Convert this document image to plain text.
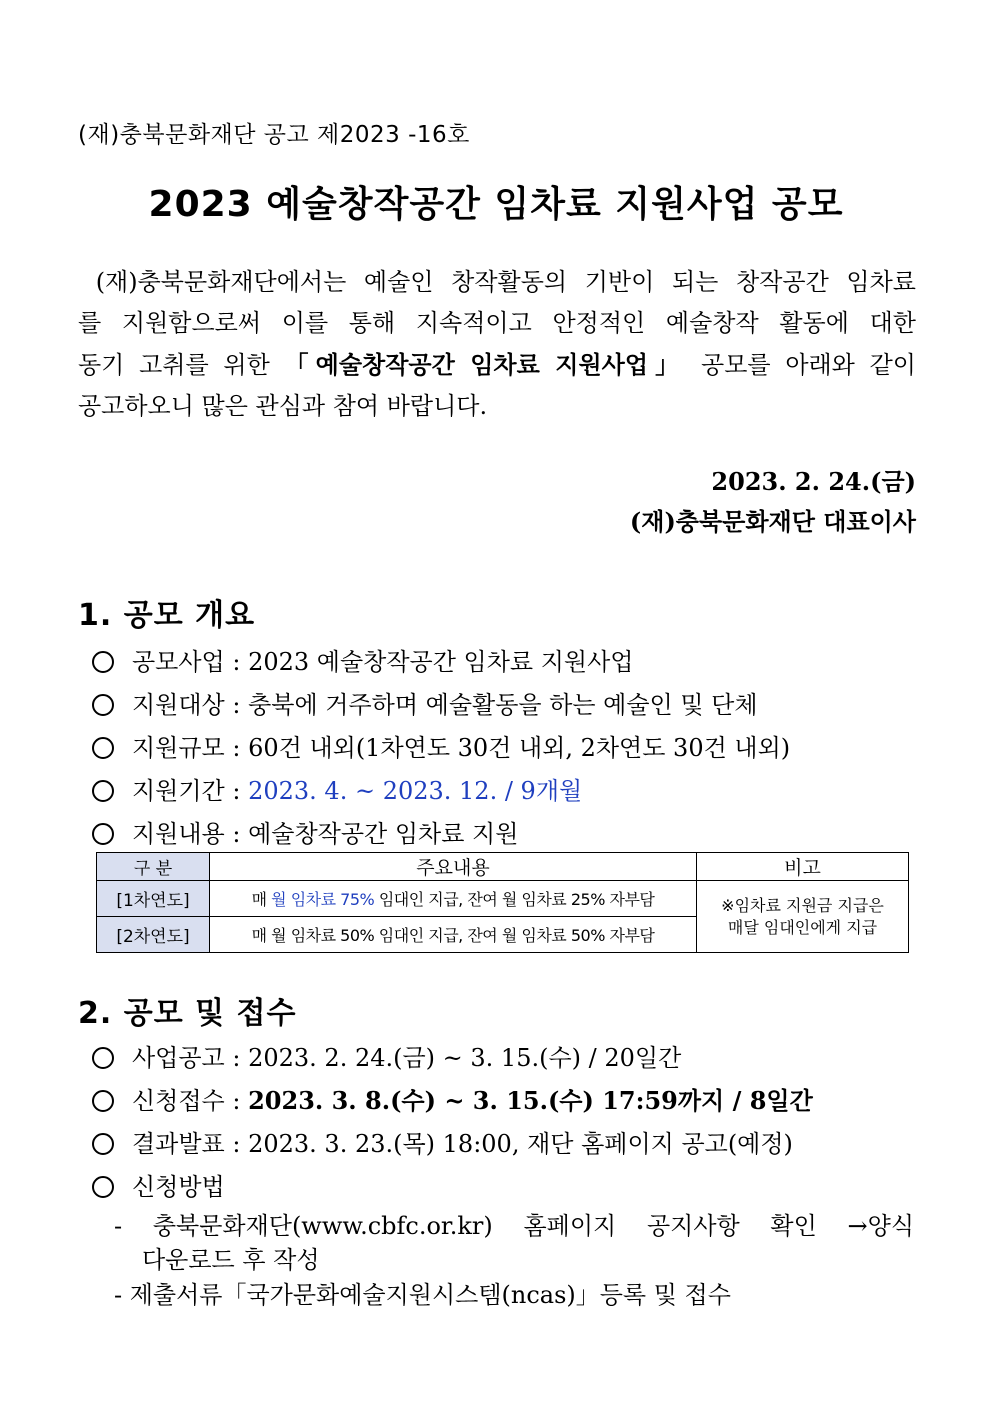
(재)충북문화재단 공고 제2023 -16호
2023 예술창작공간 임차료 지원사업 공모
(재)충북문화재단에서는 예술인 창작활동의 기반이 되는 창작공간 임차료
를 지원함으로써 이를 통해 지속적이고 안정적인 예술창작 활동에 대한
동기 고취를 위한 「예술창작공간 임차료 지원사업」 공모를 아래와 같이
공고하오니 많은 관심과 참여 바랍니다.
2023. 2. 24.(금)
(재)충북문화재단 대표이사
1. 공모 개요
공모사업 : 2023 예술창작공간 임차료 지원사업
지원대상 : 충북에 거주하며 예술활동을 하는 예술인 및 단체
지원규모 : 60건 내외(1차연도 30건 내외, 2차연도 30건 내외)
지원기간 : 2023. 4. ~ 2023. 12. / 9개월
지원내용 : 예술창작공간 임차료 지원
구 분	주요내용	비고
[1차연도]	매 월 임차료 75% 임대인 지급, 잔여 월 임차료 25% 자부담	※임차료 지원금 지급은
매달 임대인에게 지급

[2차연도]	매 월 임차료 50% 임대인 지급, 잔여 월 임차료 50% 자부담	
2. 공모 및 접수
사업공고 : 2023. 2. 24.(금) ~ 3. 15.(수) / 20일간
신청접수 : 2023. 3. 8.(수) ~ 3. 15.(수) 17:59까지 / 8일간
결과발표 : 2023. 3. 23.(목) 18:00, 재단 홈페이지 공고(예정)
신청방법
- 충북문화재단(www.cbfc.or.kr) 홈페이지 공지사항 확인 →양식
다운로드 후 작성
- 제출서류「국가문화예술지원시스템(ncas)」등록 및 접수
